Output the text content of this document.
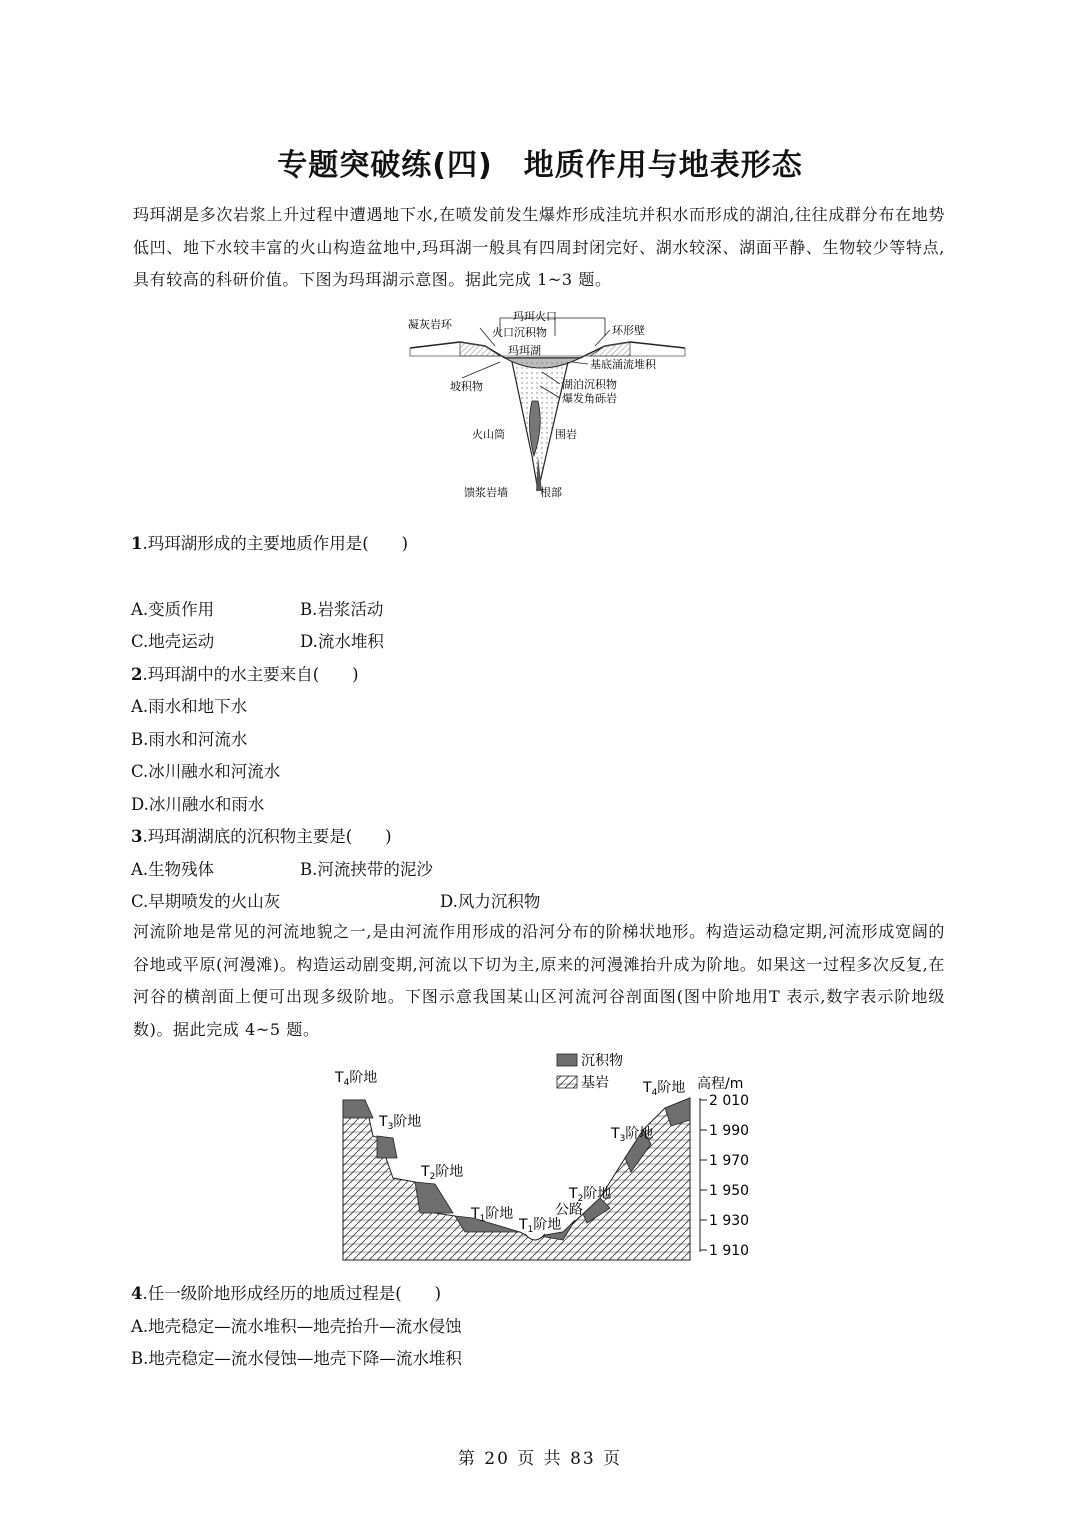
专题突破练(四)　地质作用与地表形态
玛珥湖是多次岩浆上升过程中遭遇地下水,在喷发前发生爆炸形成洼坑并积水而形成的湖泊,往往成群分布在地势低凹、地下水较丰富的火山构造盆地中,玛珥湖一般具有四周封闭完好、湖水较深、湖面平静、生物较少等特点,具有较高的科研价值。下图为玛珥湖示意图。据此完成 1~3 题。
玛珥火口
凝灰岩环
火口沉积物	环形壁
玛珥湖
基底涌流堆积
坡积物	湖泊沉积物
爆发角砾岩
火山筒	围岩
馈浆岩墙	根部
1.玛珥湖形成的主要地质作用是(　　)
A.变质作用	B.岩浆活动
C.地壳运动	D.流水堆积
2.玛珥湖中的水主要来自(　　)
A.雨水和地下水
B.雨水和河流水
C.冰川融水和河流水
D.冰川融水和雨水
3.玛珥湖湖底的沉积物主要是(　　)
A.生物残体	B.河流挟带的泥沙
C.早期喷发的火山灰	D.风力沉积物
河流阶地是常见的河流地貌之一,是由河流作用形成的沿河分布的阶梯状地形。构造运动稳定期,河流形成宽阔的谷地或平原(河漫滩)。构造运动剧变期,河流以下切为主,原来的河漫滩抬升成为阶地。如果这一过程多次反复,在河谷的横剖面上便可出现多级阶地。下图示意我国某山区河流河谷剖面图(图中阶地用T 表示,数字表示阶地级数)。据此完成 4~5 题。
沉积物
基岩
$T_4$阶地
$T_3$阶地
$T_2$阶地
$T_1$阶地
$T_1$阶地
$T_2$阶地
公路
$T_3$阶地
$T_4$阶地 高程/m
2 010
1 990
1 970
1 950
1 930
1 910
4.任一级阶地形成经历的地质过程是(　　)
A.地壳稳定—流水堆积—地壳抬升—流水侵蚀
B.地壳稳定—流水侵蚀—地壳下降—流水堆积
第 20 页 共 83 页
